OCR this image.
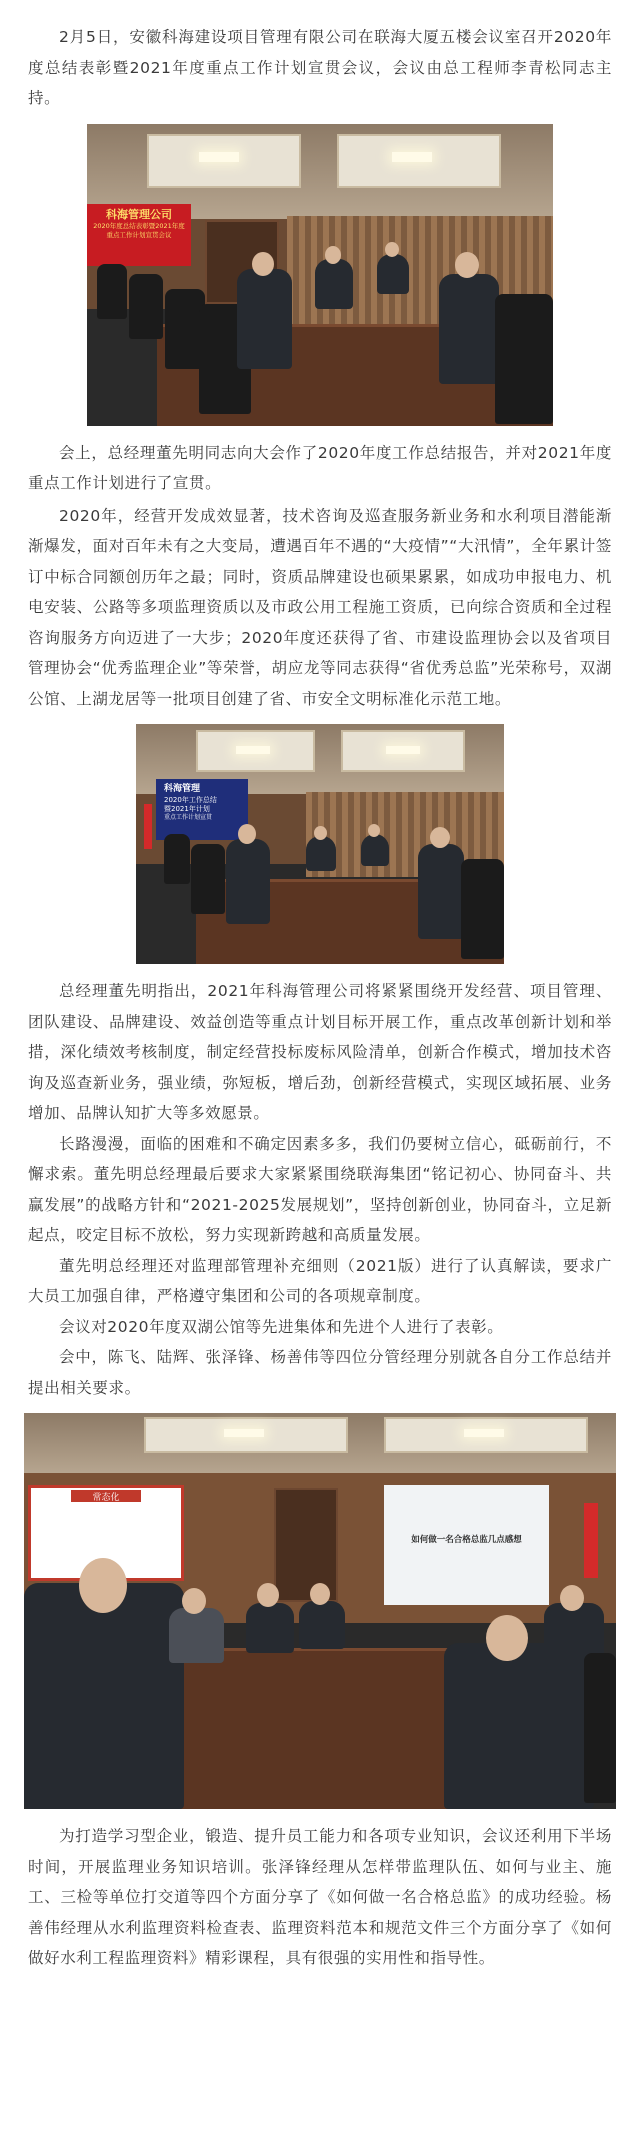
2月5日，安徽科海建设项目管理有限公司在联海大厦五楼会议室召开2020年度总结表彰暨2021年度重点工作计划宣贯会议，会议由总工程师李青松同志主持。

科海管理公司
2020年度总结表彰暨2021年度
重点工作计划宣贯会议

会上，总经理董先明同志向大会作了2020年度工作总结报告，并对2021年度重点工作计划进行了宣贯。

2020年，经营开发成效显著，技术咨询及巡查服务新业务和水利项目潜能渐渐爆发，面对百年未有之大变局，遭遇百年不遇的“大疫情”“大汛情”，全年累计签订中标合同额创历年之最；同时，资质品牌建设也硕果累累，如成功申报电力、机电安装、公路等多项监理资质以及市政公用工程施工资质，已向综合资质和全过程咨询服务方向迈进了一大步；2020年度还获得了省、市建设监理协会以及省项目管理协会“优秀监理企业”等荣誉，胡应龙等同志获得“省优秀总监”光荣称号，双湖公馆、上湖龙居等一批项目创建了省、市安全文明标准化示范工地。

科海管理
2020年工作总结
暨2021年计划
重点工作计划宣贯

总经理董先明指出，2021年科海管理公司将紧紧围绕开发经营、项目管理、团队建设、品牌建设、效益创造等重点计划目标开展工作，重点改革创新计划和举措，深化绩效考核制度，制定经营投标废标风险清单，创新合作模式，增加技术咨询及巡查新业务，强业绩，弥短板，增后劲，创新经营模式，实现区域拓展、业务增加、品牌认知扩大等多效愿景。

长路漫漫，面临的困难和不确定因素多多，我们仍要树立信心，砥砺前行，不懈求索。董先明总经理最后要求大家紧紧围绕联海集团“铭记初心、协同奋斗、共赢发展”的战略方针和“2021-2025发展规划”，坚持创新创业，协同奋斗，立足新起点，咬定目标不放松，努力实现新跨越和高质量发展。

董先明总经理还对监理部管理补充细则（2021版）进行了认真解读，要求广大员工加强自律，严格遵守集团和公司的各项规章制度。

会议对2020年度双湖公馆等先进集体和先进个人进行了表彰。

会中，陈飞、陆辉、张泽锋、杨善伟等四位分管经理分别就各自分工作总结并提出相关要求。

常态化
如何做一名合格总监几点感想

为打造学习型企业，锻造、提升员工能力和各项专业知识，会议还利用下半场时间，开展监理业务知识培训。张泽锋经理从怎样带监理队伍、如何与业主、施工、三检等单位打交道等四个方面分享了《如何做一名合格总监》的成功经验。杨善伟经理从水利监理资料检查表、监理资料范本和规范文件三个方面分享了《如何做好水利工程监理资料》精彩课程，具有很强的实用性和指导性。
